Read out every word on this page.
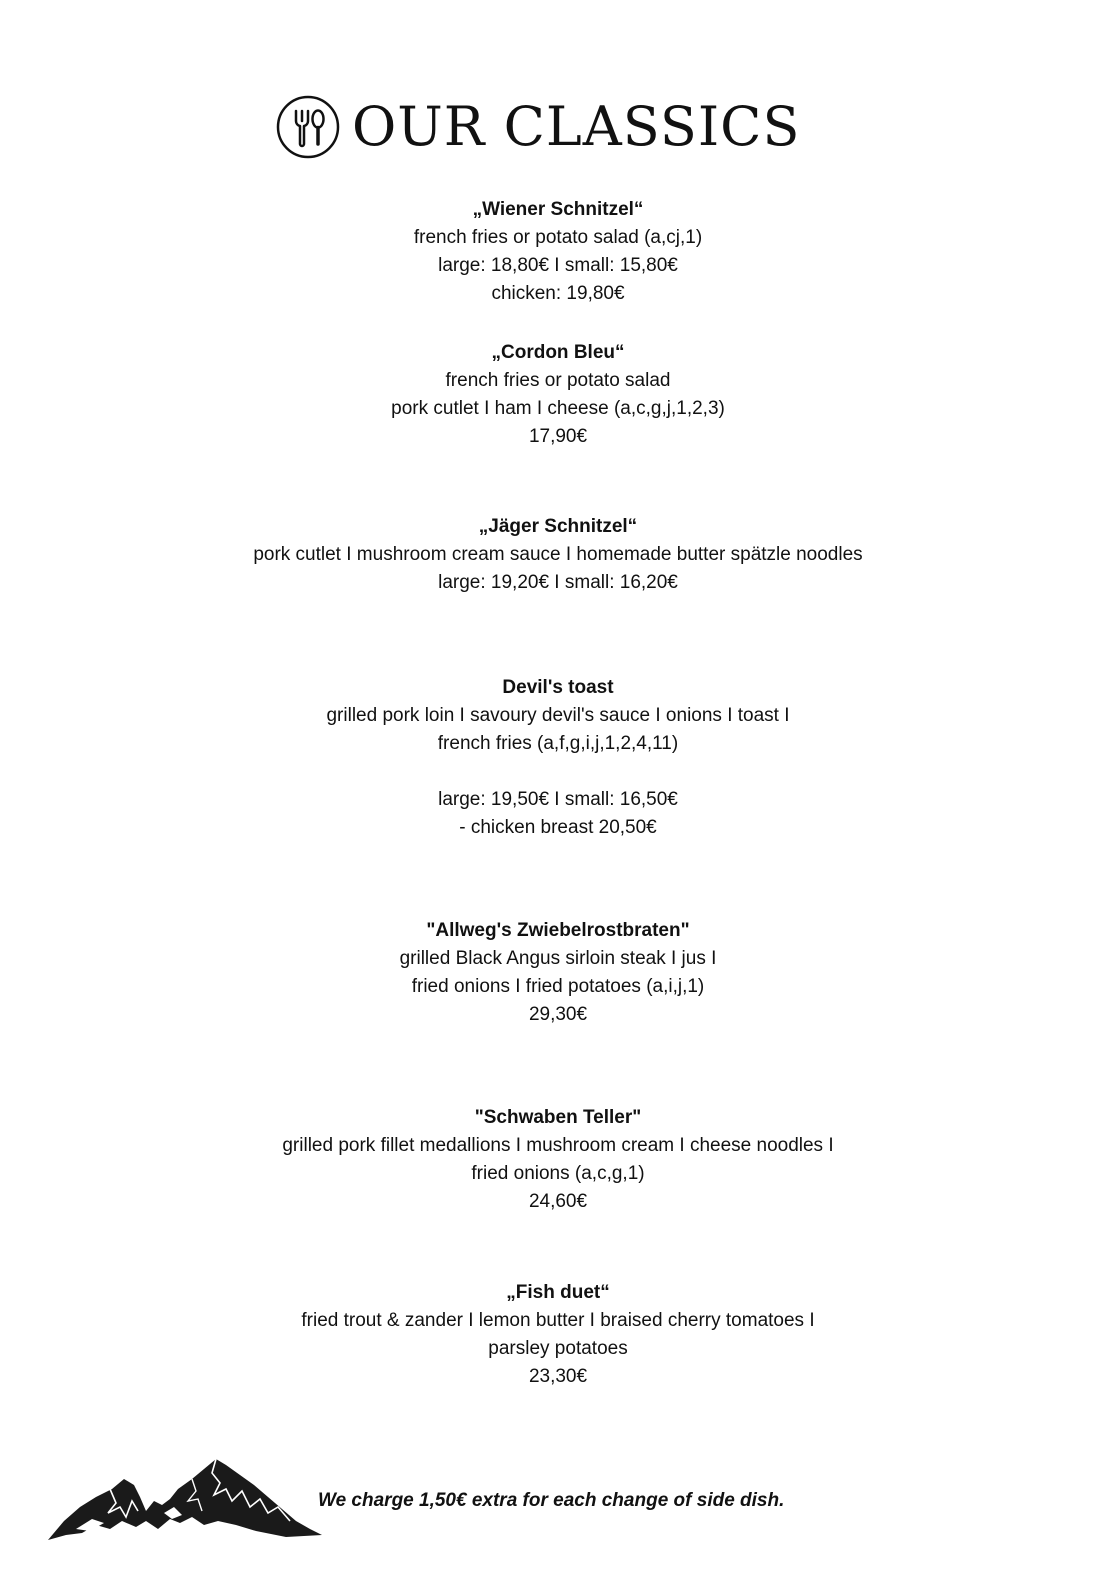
OUR CLASSICS
„Wiener Schnitzel“
french fries or potato salad (a,cj,1)
large: 18,80€ I small: 15,80€
chicken: 19,80€
„Cordon Bleu“
french fries or potato salad
pork cutlet I ham I cheese (a,c,g,j,1,2,3)
17,90€
„Jäger Schnitzel“
pork cutlet I mushroom cream sauce I homemade butter spätzle noodles
large: 19,20€ I small: 16,20€
Devil's toast
grilled pork loin I savoury devil's sauce I onions I toast I
french fries (a,f,g,i,j,1,2,4,11)
large: 19,50€ I small: 16,50€
- chicken breast 20,50€
"Allweg's Zwiebelrostbraten"
grilled Black Angus sirloin steak I jus I
fried onions I fried potatoes (a,i,j,1)
29,30€
"Schwaben Teller"
grilled pork fillet medallions I mushroom cream I cheese noodles I
fried onions (a,c,g,1)
24,60€
„Fish duet“
fried trout & zander I lemon butter I braised cherry tomatoes I
parsley potatoes
23,30€
We charge 1,50€ extra for each change of side dish.
